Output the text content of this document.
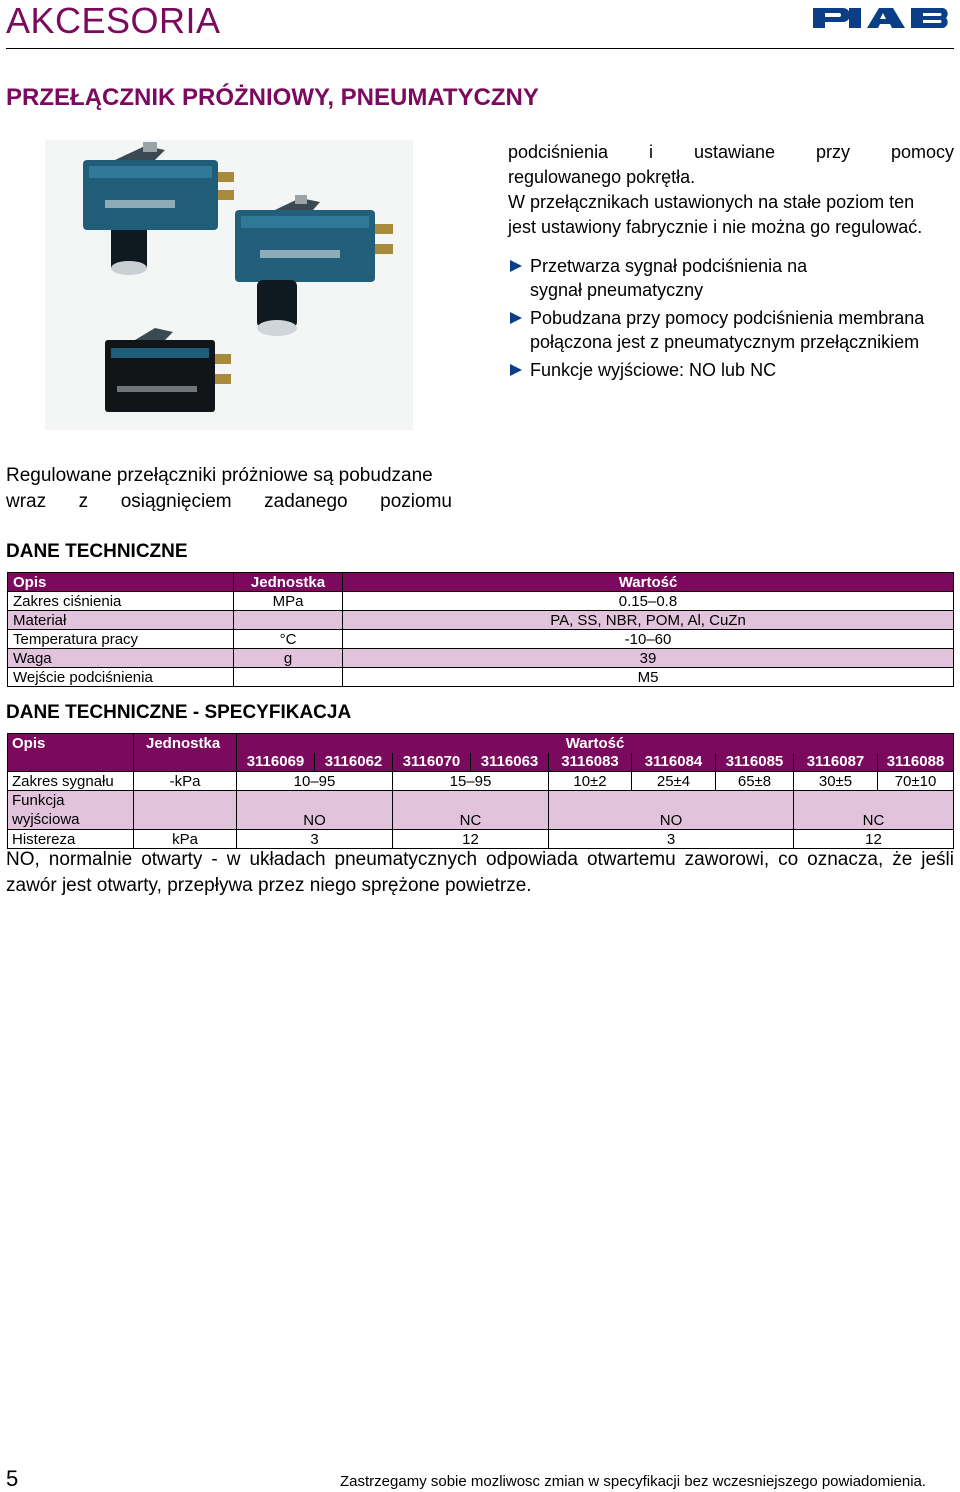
AKCESORIA
PRZEŁĄCZNIK PRÓŻNIOWY, PNEUMATYCZNY
podciśnienia i ustawiane przy pomocy
regulowanego pokrętła.
W przełącznikach ustawionych na stałe poziom ten
jest ustawiony fabrycznie i nie można go regulować.
Przetwarza sygnał podciśnienia na sygnał pneumatyczny
Pobudzana przy pomocy podciśnienia membrana połączona jest z pneumatycznym przełącznikiem
Funkcje wyjściowe: NO lub NC
Regulowane przełączniki próżniowe są pobudzane
wraz z osiągnięciem zadanego poziomu
DANE TECHNICZNE
Opis	Jednostka	Wartość
Zakres ciśnienia	MPa	0.15–0.8
Materiał		PA, SS, NBR, POM, Al, CuZn
Temperatura pracy	°C	-10–60
Waga	g	39
Wejście podciśnienia		M5
DANE TECHNICZNE - SPECYFIKACJA
Opis	Jednostka	Wartość								
		3116069	3116062	3116070	3116063	3116083	3116084	3116085	3116087	3116088
Zakres sygnału	-kPa	10–95		15–95		10±2	25±4	65±8	30±5	70±10

Funkcja
wyjściowa		NO		NC		NO			NC	
Histereza	kPa	3		12		3			12	
NO, normalnie otwarty - w układach pneumatycznych odpowiada otwartemu zaworowi, co oznacza, że jeśli zawór jest otwarty, przepływa przez niego sprężone powietrze.
5	Zastrzegamy sobie mozliwosc zmian w specyfikacji bez wczesniejszego powiadomienia.
